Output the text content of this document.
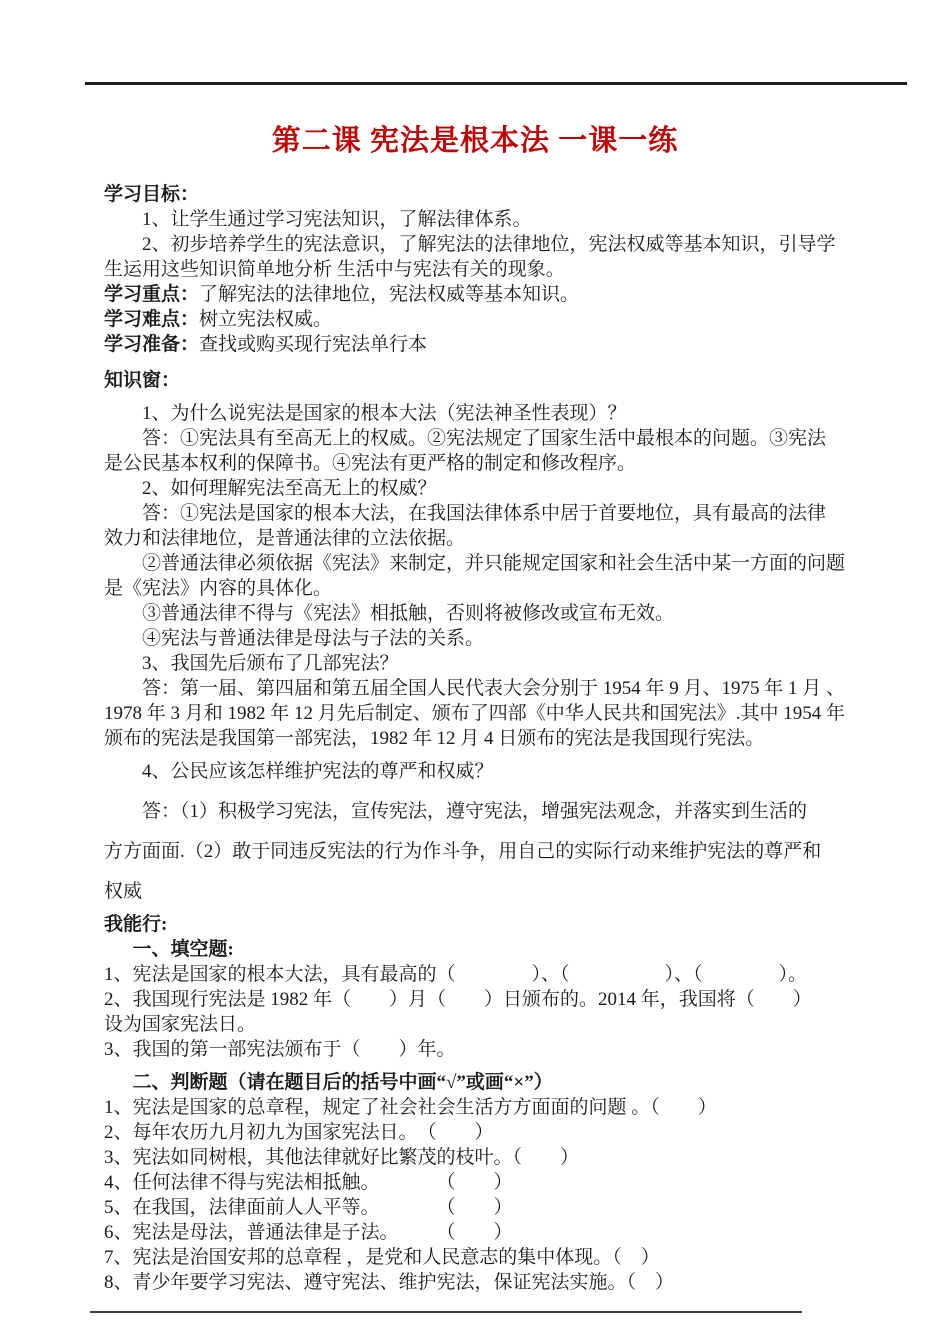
第二课 宪法是根本法 一课一练
学习目标：
1、让学生通过学习宪法知识，了解法律体系。
2、初步培养学生的宪法意识，了解宪法的法律地位，宪法权威等基本知识，引导学
生运用这些知识简单地分析 生活中与宪法有关的现象。
学习重点：了解宪法的法律地位，宪法权威等基本知识。
学习难点：树立宪法权威。
学习准备：查找或购买现行宪法单行本
知识窗：
1、为什么说宪法是国家的根本大法（宪法神圣性表现）？
答：①宪法具有至高无上的权威。②宪法规定了国家生活中最根本的问题。③宪法
是公民基本权利的保障书。④宪法有更严格的制定和修改程序。
2、如何理解宪法至高无上的权威？
答：①宪法是国家的根本大法，在我国法律体系中居于首要地位，具有最高的法律
效力和法律地位，是普通法律的立法依据。
②普通法律必须依据《宪法》来制定，并只能规定国家和社会生活中某一方面的问题
是《宪法》内容的具体化。
③普通法律不得与《宪法》相抵触，否则将被修改或宣布无效。
④宪法与普通法律是母法与子法的关系。
3、我国先后颁布了几部宪法？
答：第一届、第四届和第五届全国人民代表大会分别于 1954 年 9 月、1975 年 1 月 、
1978 年 3 月和 1982 年 12 月先后制定、颁布了四部《中华人民共和国宪法》.其中 1954 年
颁布的宪法是我国第一部宪法，1982 年 12 月 4 日颁布的宪法是我国现行宪法。
4、公民应该怎样维护宪法的尊严和权威？
答：（1）积极学习宪法，宣传宪法，遵守宪法，增强宪法观念，并落实到生活的
方方面面.（2）敢于同违反宪法的行为作斗争，用自己的实际行动来维护宪法的尊严和
权威
我能行:
一、填空题:
1、宪法是国家的根本大法，具有最高的（　　　　）、（　　　　　）、（　　　　）。
2、我国现行宪法是 1982 年（　　）月（　　）日颁布的。2014 年，我国将（　　）
设为国家宪法日。
3、我国的第一部宪法颁布于（　　）年。
二、判断题（请在题目后的括号中画“√”或画“×”）
1、宪法是国家的总章程，规定了社会社会生活方方面面的问题 。（　　）
2、每年农历九月初九为国家宪法日。　（　　）
3、宪法如同树根，其他法律就好比繁茂的枝叶。（　　）
4、任何法律不得与宪法相抵触。　　　　（　　）
5、在我国，法律面前人人平等。　　　　（　　）
6、宪法是母法，普通法律是子法。　　　（　　）
7、宪法是治国安邦的总章程 ，是党和人民意志的集中体现。（　）
8、青少年要学习宪法、遵守宪法、维护宪法，保证宪法实施。（　）
